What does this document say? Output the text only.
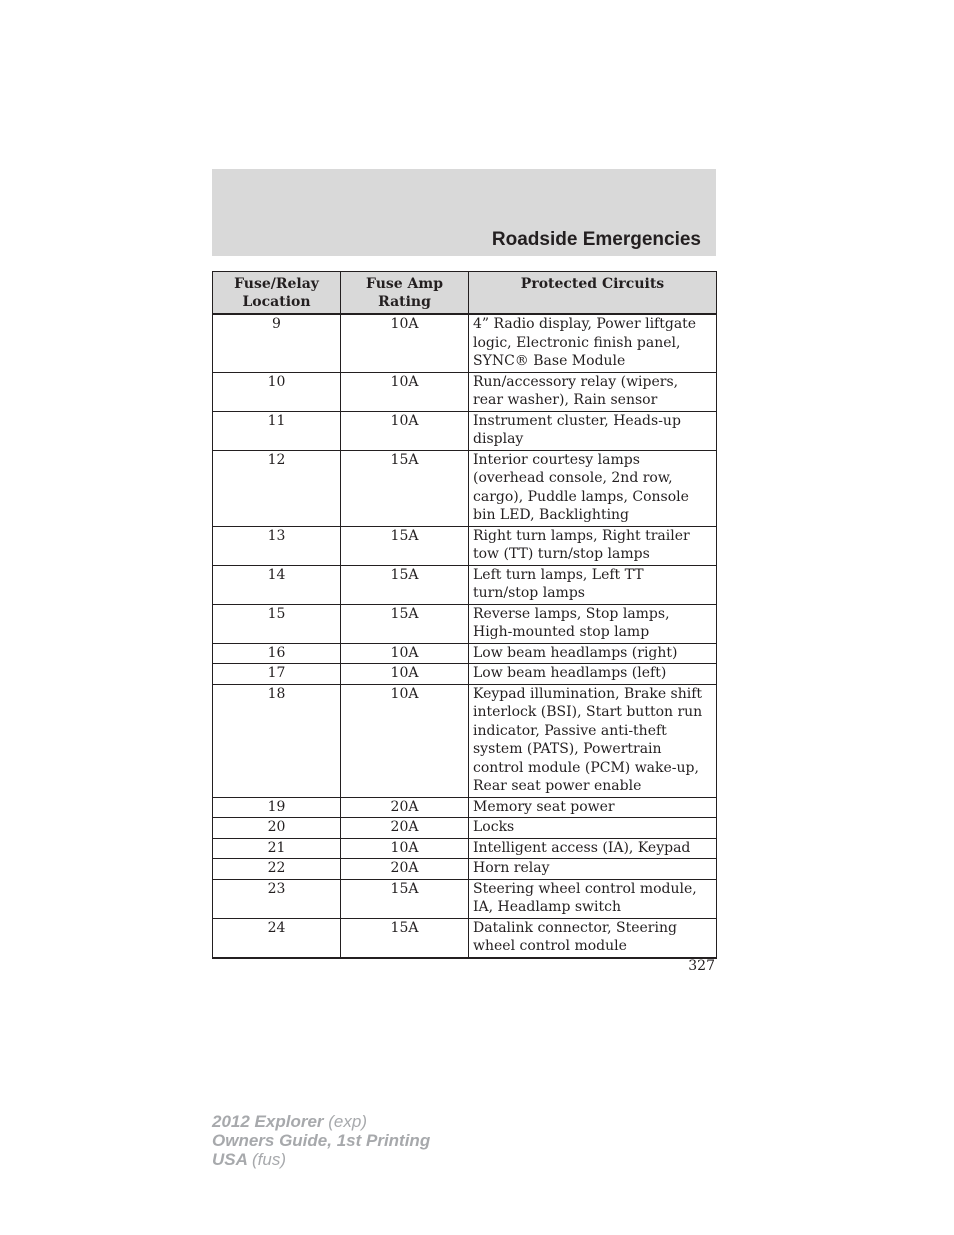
Roadside Emergencies
Fuse/Relay Location	Fuse Amp Rating	Protected Circuits
9	10A	4” Radio display, Power liftgate logic, Electronic finish panel, SYNC® Base Module
10	10A	Run/accessory relay (wipers, rear washer), Rain sensor
11	10A	Instrument cluster, Heads-up display
12	15A	Interior courtesy lamps (overhead console, 2nd row, cargo), Puddle lamps, Console bin LED, Backlighting
13	15A	Right turn lamps, Right trailer tow (TT) turn/stop lamps
14	15A	Left turn lamps, Left TT turn/stop lamps
15	15A	Reverse lamps, Stop lamps, High-mounted stop lamp
16	10A	Low beam headlamps (right)
17	10A	Low beam headlamps (left)
18	10A	Keypad illumination, Brake shift interlock (BSI), Start button run indicator, Passive anti-theft system (PATS), Powertrain control module (PCM) wake-up, Rear seat power enable
19	20A	Memory seat power
20	20A	Locks
21	10A	Intelligent access (IA), Keypad
22	20A	Horn relay
23	15A	Steering wheel control module, IA, Headlamp switch
24	15A	Datalink connector, Steering wheel control module
327
2012 Explorer (exp)
Owners Guide, 1st Printing
USA (fus)
